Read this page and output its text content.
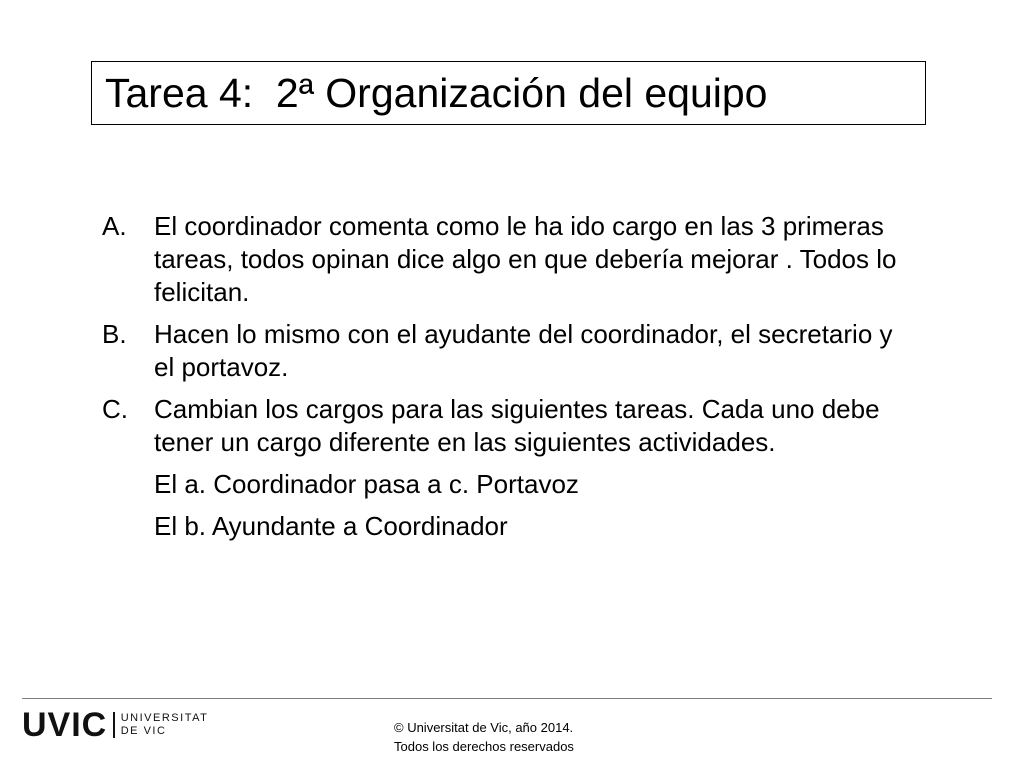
Tarea 4:  2ª Organización del equipo
A.	El coordinador comenta como le ha ido cargo en las 3 primeras tareas, todos opinan dice algo en que debería mejorar . Todos lo felicitan.
B.	Hacen lo mismo con el ayudante del coordinador, el secretario y el portavoz.
C.	Cambian los cargos para las siguientes tareas. Cada uno debe tener un cargo diferente en las siguientes actividades.
El a. Coordinador pasa a c. Portavoz
El b. Ayundante a Coordinador
UVIC UNIVERSITAT
DE VIC	© Universitat de Vic, año 2014.
Todos los derechos reservados
